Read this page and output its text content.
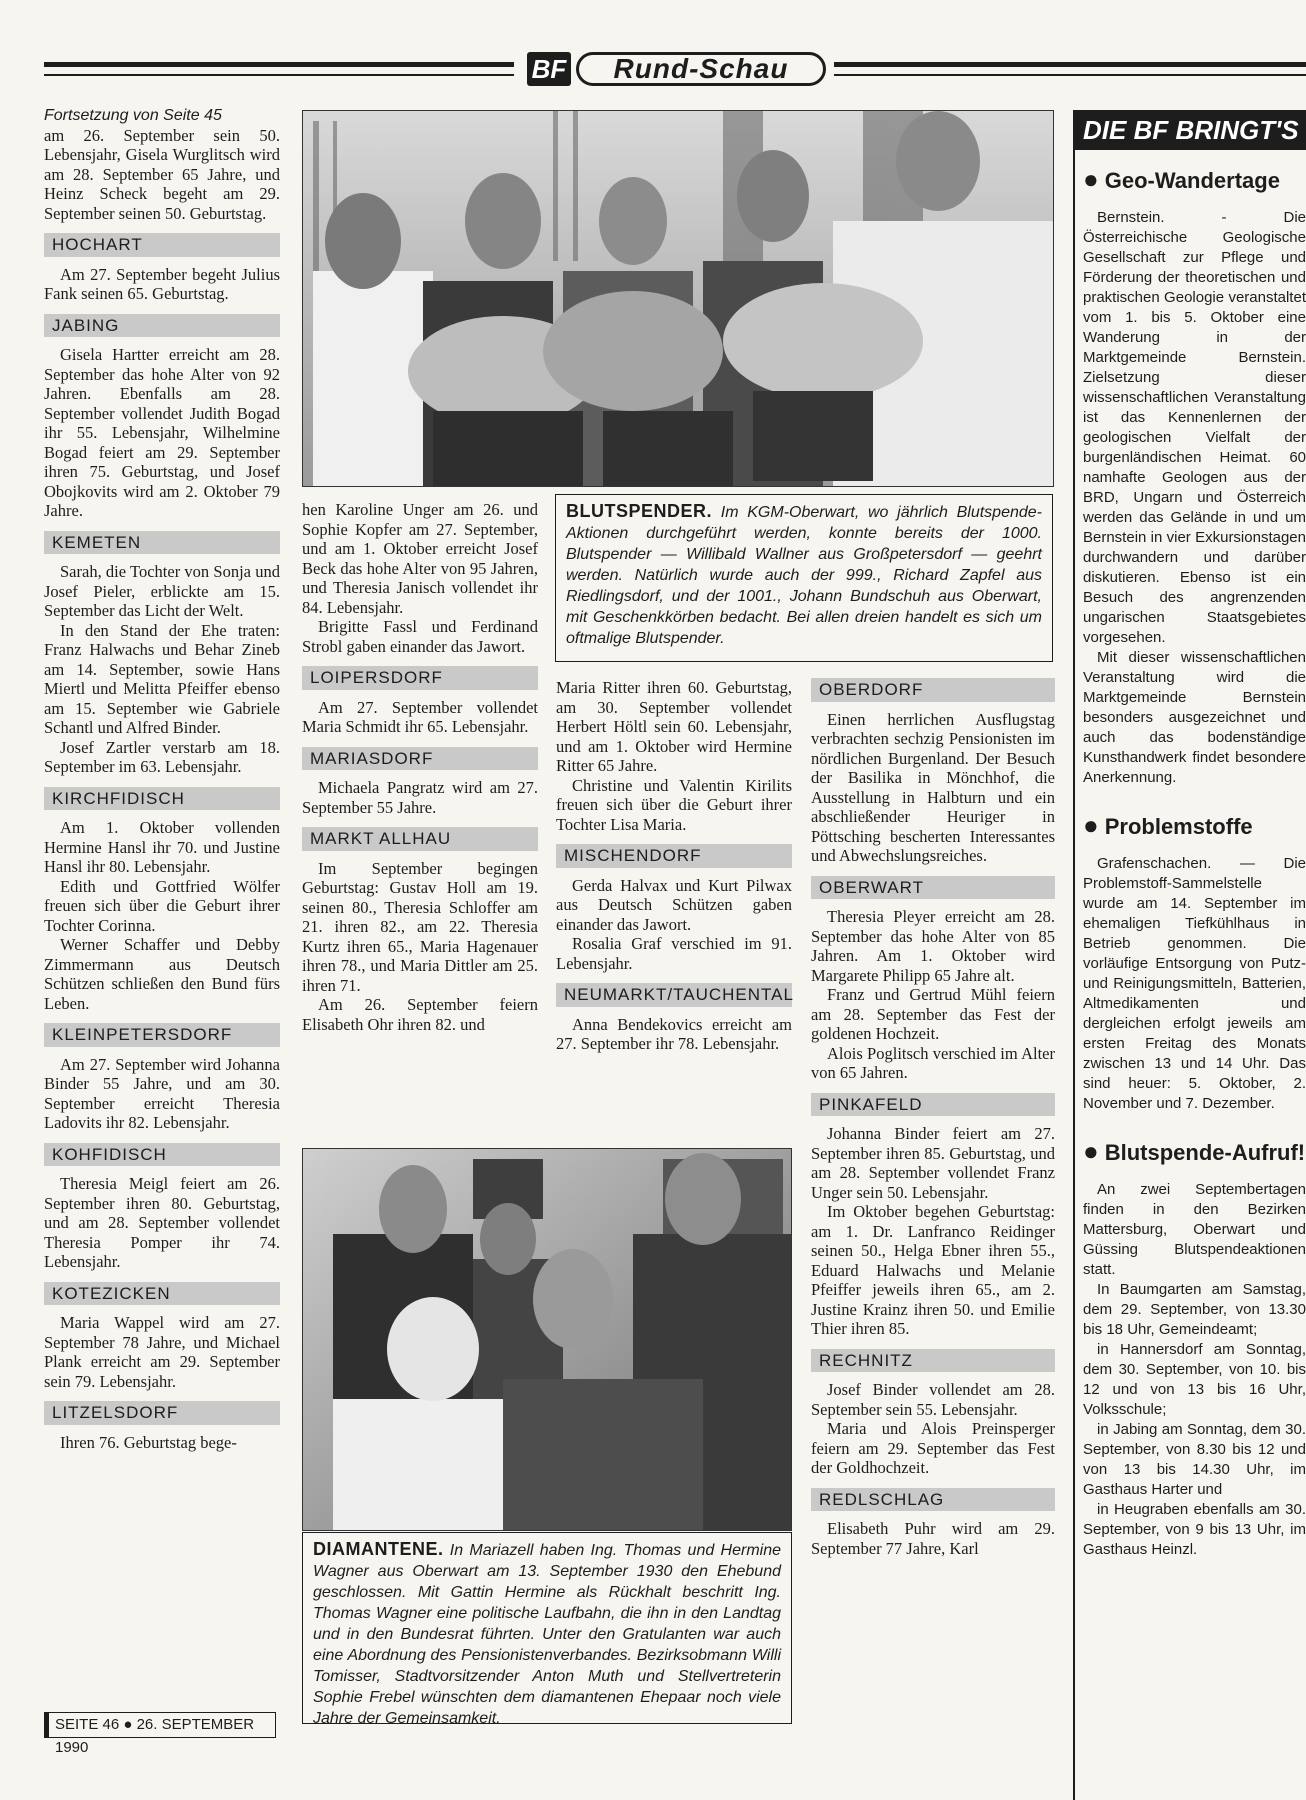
BF	Rund-Schau

Fortsetzung von Seite 45

am 26. September sein 50. Lebensjahr, Gisela Wurglitsch wird am 28. September 65 Jahre, und Heinz Scheck begeht am 29. September seinen 50. Geburtstag.

HOCHART

Am 27. September begeht Julius Fank seinen 65. Geburtstag.

JABING

Gisela Hartter erreicht am 28. September das hohe Alter von 92 Jahren. Ebenfalls am 28. September vollendet Judith Bogad ihr 55. Lebensjahr, Wilhelmine Bogad feiert am 29. September ihren 75. Geburtstag, und Josef Obojkovits wird am 2. Oktober 79 Jahre.

KEMETEN

Sarah, die Tochter von Sonja und Josef Pieler, erblickte am 15. September das Licht der Welt.

In den Stand der Ehe traten: Franz Halwachs und Behar Zineb am 14. September, sowie Hans Miertl und Melitta Pfeiffer ebenso am 15. September wie Gabriele Schantl und Alfred Binder.

Josef Zartler verstarb am 18. September im 63. Lebensjahr.

KIRCHFIDISCH

Am 1. Oktober vollenden Hermine Hansl ihr 70. und Justine Hansl ihr 80. Lebensjahr.

Edith und Gottfried Wölfer freuen sich über die Geburt ihrer Tochter Corinna.

Werner Schaffer und Debby Zimmermann aus Deutsch Schützen schließen den Bund fürs Leben.

KLEINPETERSDORF

Am 27. September wird Johanna Binder 55 Jahre, und am 30. September erreicht Theresia Ladovits ihr 82. Lebensjahr.

KOHFIDISCH

Theresia Meigl feiert am 26. September ihren 80. Geburtstag, und am 28. September vollendet Theresia Pomper ihr 74. Lebensjahr.

KOTEZICKEN

Maria Wappel wird am 27. September 78 Jahre, und Michael Plank erreicht am 29. September sein 79. Lebensjahr.

LITZELSDORF

Ihren 76. Geburtstag bege-

BLUTSPENDER. Im KGM-Oberwart, wo jährlich Blutspende-Aktionen durchgeführt werden, konnte bereits der 1000. Blutspender — Willibald Wallner aus Großpetersdorf — geehrt werden. Natürlich wurde auch der 999., Richard Zapfel aus Riedlingsdorf, und der 1001., Johann Bundschuh aus Oberwart, mit Geschenkkörben bedacht. Bei allen dreien handelt es sich um oftmalige Blutspender.

hen Karoline Unger am 26. und Sophie Kopfer am 27. September, und am 1. Oktober erreicht Josef Beck das hohe Alter von 95 Jahren, und Theresia Janisch vollendet ihr 84. Lebensjahr.

Brigitte Fassl und Ferdinand Strobl gaben einander das Jawort.

LOIPERSDORF

Am 27. September vollendet Maria Schmidt ihr 65. Lebensjahr.

MARIASDORF

Michaela Pangratz wird am 27. September 55 Jahre.

MARKT ALLHAU

Im September begingen Geburtstag: Gustav Holl am 19. seinen 80., Theresia Schloffer am 21. ihren 82., am 22. Theresia Kurtz ihren 65., Maria Hagenauer ihren 78., und Maria Dittler am 25. ihren 71.

Am 26. September feiern Elisabeth Ohr ihren 82. und

Maria Ritter ihren 60. Geburtstag, am 30. September vollendet Herbert Höltl sein 60. Lebensjahr, und am 1. Oktober wird Hermine Ritter 65 Jahre.

Christine und Valentin Kirilits freuen sich über die Geburt ihrer Tochter Lisa Maria.

MISCHENDORF

Gerda Halvax und Kurt Pilwax aus Deutsch Schützen gaben einander das Jawort.

Rosalia Graf verschied im 91. Lebensjahr.

NEUMARKT/TAUCHENTAL

Anna Bendekovics erreicht am 27. September ihr 78. Lebensjahr.

OBERDORF

Einen herrlichen Ausflugstag verbrachten sechzig Pensionisten im nördlichen Burgenland. Der Besuch der Basilika in Mönchhof, die Ausstellung in Halbturn und ein abschließender Heuriger in Pöttsching bescherten Interessantes und Abwechslungsreiches.

OBERWART

Theresia Pleyer erreicht am 28. September das hohe Alter von 85 Jahren. Am 1. Oktober wird Margarete Philipp 65 Jahre alt.

Franz und Gertrud Mühl feiern am 28. September das Fest der goldenen Hochzeit.

Alois Poglitsch verschied im Alter von 65 Jahren.

PINKAFELD

Johanna Binder feiert am 27. September ihren 85. Geburtstag, und am 28. September vollendet Franz Unger sein 50. Lebensjahr.

Im Oktober begehen Geburtstag: am 1. Dr. Lanfranco Reidinger seinen 50., Helga Ebner ihren 55., Eduard Halwachs und Melanie Pfeiffer jeweils ihren 65., am 2. Justine Krainz ihren 50. und Emilie Thier ihren 85.

RECHNITZ

Josef Binder vollendet am 28. September sein 55. Lebensjahr.

Maria und Alois Preinsperger feiern am 29. September das Fest der Goldhochzeit.

REDLSCHLAG

Elisabeth Puhr wird am 29. September 77 Jahre, Karl

DIAMANTENE. In Mariazell haben Ing. Thomas und Hermine Wagner aus Oberwart am 13. September 1930 den Ehebund geschlossen. Mit Gattin Hermine als Rückhalt beschritt Ing. Thomas Wagner eine politische Laufbahn, die ihn in den Landtag und in den Bundesrat führten. Unter den Gratulanten war auch eine Abordnung des Pensionistenverbandes. Bezirksobmann Willi Tomisser, Stadtvorsitzender Anton Muth und Stellvertreterin Sophie Frebel wünschten dem diamantenen Ehepaar noch viele Jahre der Gemeinsamkeit.
DIE BF BRINGT'S
● Geo-Wandertage

Bernstein. - Die Österreichische Geologische Gesellschaft zur Pflege und Förderung der theoretischen und praktischen Geologie veranstaltet vom 1. bis 5. Oktober eine Wanderung in der Marktgemeinde Bernstein. Zielsetzung dieser wissenschaftlichen Veranstaltung ist das Kennenlernen der geologischen Vielfalt der burgenländischen Heimat. 60 namhafte Geologen aus der BRD, Ungarn und Österreich werden das Gelände in und um Bernstein in vier Exkursionstagen durchwandern und darüber diskutieren. Ebenso ist ein Besuch des angrenzenden ungarischen Staatsgebietes vorgesehen.

Mit dieser wissenschaftlichen Veranstaltung wird die Marktgemeinde Bernstein besonders ausgezeichnet und auch das bodenständige Kunsthandwerk findet besondere Anerkennung.

● Problemstoffe

Grafenschachen. — Die Problemstoff-Sammelstelle wurde am 14. September im ehemaligen Tiefkühlhaus in Betrieb genommen. Die vorläufige Entsorgung von Putz- und Reinigungsmitteln, Batterien, Altmedikamenten und dergleichen erfolgt jeweils am ersten Freitag des Monats zwischen 13 und 14 Uhr. Das sind heuer: 5. Oktober, 2. November und 7. Dezember.

● Blutspende-Aufruf!

An zwei Septembertagen finden in den Bezirken Mattersburg, Oberwart und Güssing Blutspendeaktionen statt.

In Baumgarten am Samstag, dem 29. September, von 13.30 bis 18 Uhr, Gemeindeamt;

in Hannersdorf am Sonntag, dem 30. September, von 10. bis 12 und von 13 bis 16 Uhr, Volksschule;

in Jabing am Sonntag, dem 30. September, von 8.30 bis 12 und von 13 bis 14.30 Uhr, im Gasthaus Harter und

in Heugraben ebenfalls am 30. September, von 9 bis 13 Uhr, im Gasthaus Heinzl.

SEITE 46 ● 26. SEPTEMBER 1990
